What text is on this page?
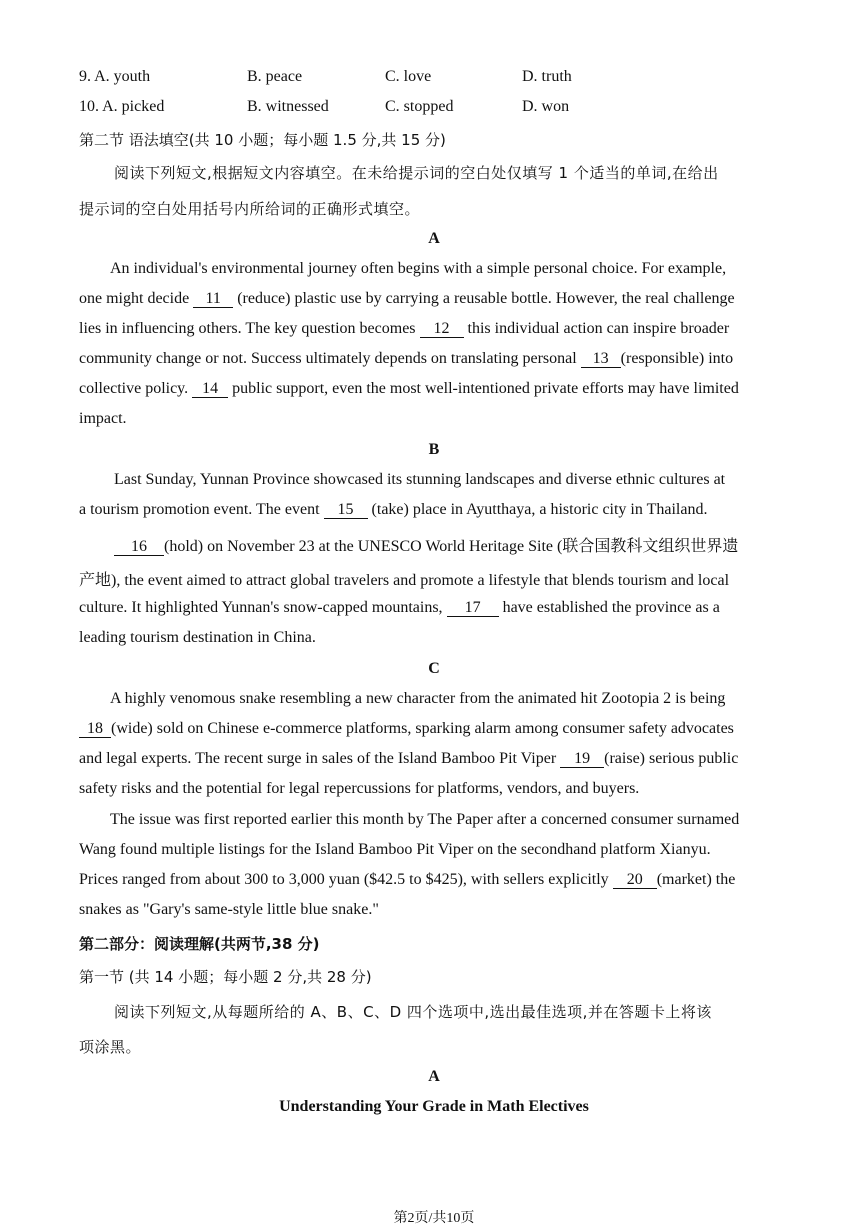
9. A. youth	B. peace	C. love	D. truth
10. A. picked	B. witnessed	C. stopped	D. won
第二节 语法填空(共 10 小题；每小题 1.5 分,共 15 分)
阅读下列短文,根据短文内容填空。在未给提示词的空白处仅填写 1 个适当的单词,在给出
提示词的空白处用括号内所给词的正确形式填空。
A
An individual's environmental journey often begins with a simple personal choice. For example,
one might decide 11 (reduce) plastic use by carrying a reusable bottle. However, the real challenge
lies in influencing others. The key question becomes 12 this individual action can inspire broader
community change or not. Success ultimately depends on translating personal 13 (responsible) into
collective policy. 14 public support, even the most well-intentioned private efforts may have limited
impact.
B
Last Sunday, Yunnan Province showcased its stunning landscapes and diverse ethnic cultures at
a tourism promotion event. The event 15 (take) place in Ayutthaya, a historic city in Thailand.
16 (hold) on November 23 at the UNESCO World Heritage Site (联合国教科文组织世界遗
产地), the event aimed to attract global travelers and promote a lifestyle that blends tourism and local
culture. It highlighted Yunnan's snow-capped mountains, 17 have established the province as a
leading tourism destination in China.
C
A highly venomous snake resembling a new character from the animated hit Zootopia 2 is being
18 (wide) sold on Chinese e-commerce platforms, sparking alarm among consumer safety advocates
and legal experts. The recent surge in sales of the Island Bamboo Pit Viper 19 (raise) serious public
safety risks and the potential for legal repercussions for platforms, vendors, and buyers.
The issue was first reported earlier this month by The Paper after a concerned consumer surnamed
Wang found multiple listings for the Island Bamboo Pit Viper on the secondhand platform Xianyu.
Prices ranged from about 300 to 3,000 yuan ($42.5 to $425), with sellers explicitly 20 (market) the
snakes as "Gary's same-style little blue snake."
第二部分：阅读理解(共两节,38 分)
第一节 (共 14 小题；每小题 2 分,共 28 分)
阅读下列短文,从每题所给的 A、B、C、D 四个选项中,选出最佳选项,并在答题卡上将该
项涂黑。
A
Understanding Your Grade in Math Electives
第2页/共10页
